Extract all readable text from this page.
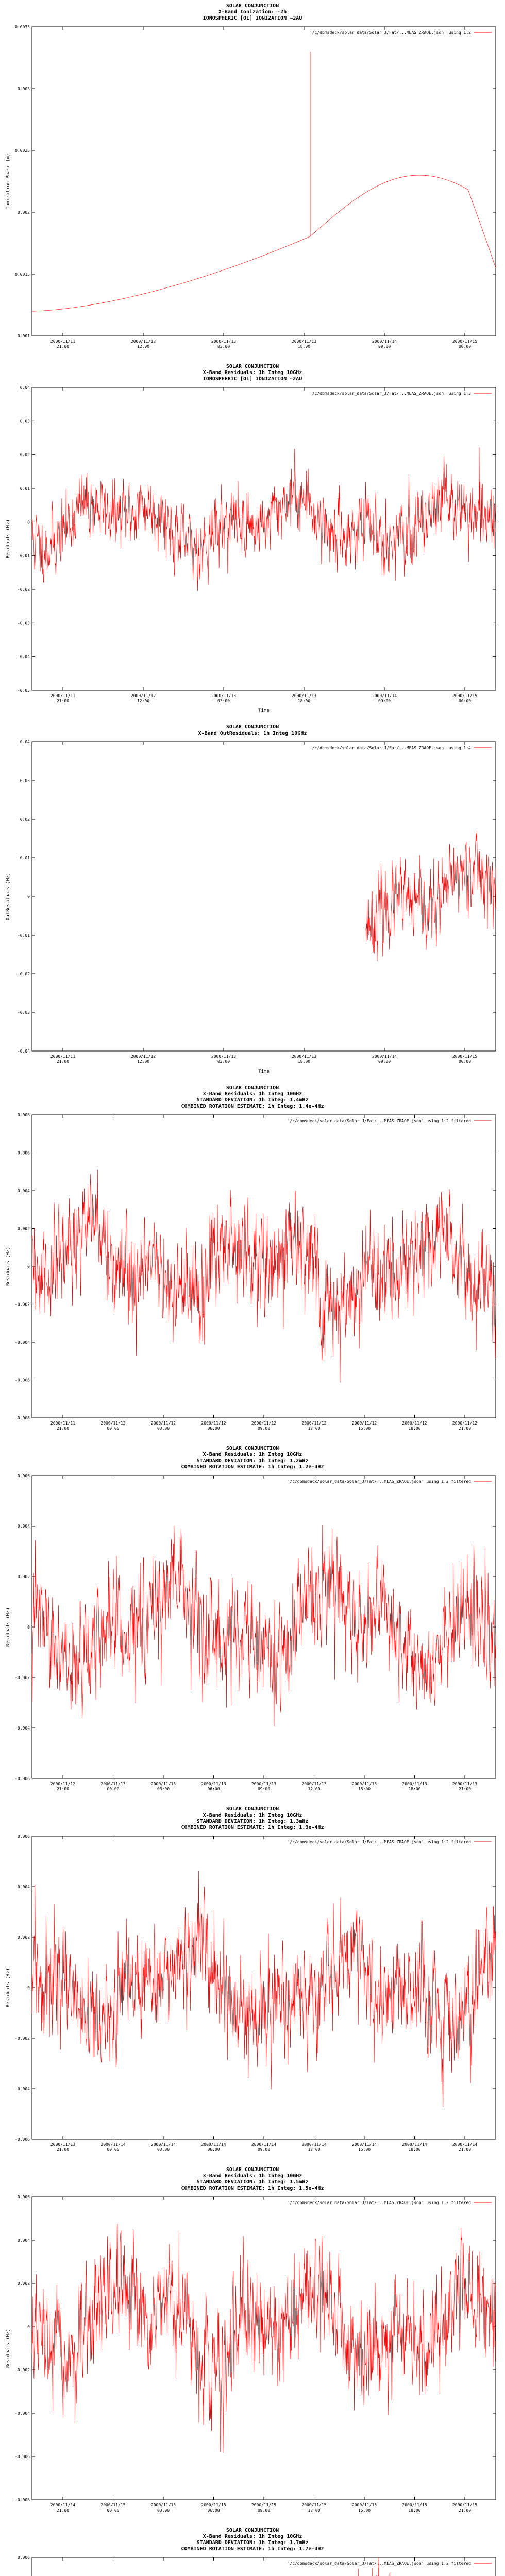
SOLAR CONJUNCTION
X-Band Ionization: ~2h
IONOSPHERIC [OL] IONIZATION ~2AU
0.0035
0.003
0.0025
0.002
0.0015
0.001
2000/11/11 21:00
2000/11/12 12:00
2000/11/13 03:00
2000/11/13 18:00
2000/11/14 09:00
2000/11/15 00:00
Ionization Phase (m)
'/c/dbmsdeck/solar_data/Solar_J/Fat/...MEAS_ZRAOE.json' using 1:2
SOLAR CONJUNCTION
X-Band Residuals: 1h Integ 10GHz
IONOSPHERIC [OL] IONIZATION ~2AU
0.04
0.03
0.02
0.01
0
-0.01
-0.02
-0.03
-0.04
-0.05
2000/11/11 21:00
2000/11/12 12:00
2000/11/13 03:00
2000/11/13 18:00
2000/11/14 09:00
2000/11/15 00:00
Residuals (Hz)
Time
'/c/dbmsdeck/solar_data/Solar_J/Fat/...MEAS_ZRAOE.json' using 1:3
SOLAR CONJUNCTION
X-Band OutResiduals: 1h Integ 10GHz
0.04
0.03
0.02
0.01
0
-0.01
-0.02
-0.03
-0.04
2000/11/11 21:00
2000/11/12 12:00
2000/11/13 03:00
2000/11/13 18:00
2000/11/14 09:00
2000/11/15 00:00
OutResiduals (Hz)
Time
'/c/dbmsdeck/solar_data/Solar_J/Fat/...MEAS_ZRAOE.json' using 1:4
SOLAR CONJUNCTION
X-Band Residuals: 1h Integ 10GHz
STANDARD DEVIATION: 1h Integ: 1.4mHz
COMBINED ROTATION ESTIMATE: 1h Integ: 1.4e-4Hz
0.008
0.006
0.004
0.002
0
-0.002
-0.004
-0.006
-0.008
2000/11/11 21:00
2000/11/12 00:00
2000/11/12 03:00
2000/11/12 06:00
2000/11/12 09:00
2000/11/12 12:00
2000/11/12 15:00
2000/11/12 18:00
2000/11/12 21:00
Residuals (Hz)
'/c/dbmsdeck/solar_data/Solar_J/Fat/...MEAS_ZRAOE.json' using 1:2 filtered
SOLAR CONJUNCTION
X-Band Residuals: 1h Integ 10GHz
STANDARD DEVIATION: 1h Integ: 1.2mHz
COMBINED ROTATION ESTIMATE: 1h Integ: 1.2e-4Hz
0.006
0.004
0.002
0
-0.002
-0.004
-0.006
2000/11/12 21:00
2000/11/13 00:00
2000/11/13 03:00
2000/11/13 06:00
2000/11/13 09:00
2000/11/13 12:00
2000/11/13 15:00
2000/11/13 18:00
2000/11/13 21:00
Residuals (Hz)
'/c/dbmsdeck/solar_data/Solar_J/Fat/...MEAS_ZRAOE.json' using 1:2 filtered
SOLAR CONJUNCTION
X-Band Residuals: 1h Integ 10GHz
STANDARD DEVIATION: 1h Integ: 1.3mHz
COMBINED ROTATION ESTIMATE: 1h Integ: 1.3e-4Hz
0.006
0.004
0.002
0
-0.002
-0.004
-0.006
2000/11/13 21:00
2000/11/14 00:00
2000/11/14 03:00
2000/11/14 06:00
2000/11/14 09:00
2000/11/14 12:00
2000/11/14 15:00
2000/11/14 18:00
2000/11/14 21:00
Residuals (Hz)
'/c/dbmsdeck/solar_data/Solar_J/Fat/...MEAS_ZRAOE.json' using 1:2 filtered
SOLAR CONJUNCTION
X-Band Residuals: 1h Integ 10GHz
STANDARD DEVIATION: 1h Integ: 1.5mHz
COMBINED ROTATION ESTIMATE: 1h Integ: 1.5e-4Hz
0.006
0.004
0.002
0
-0.002
-0.004
-0.006
-0.008
2000/11/14 21:00
2000/11/15 00:00
2000/11/15 03:00
2000/11/15 06:00
2000/11/15 09:00
2000/11/15 12:00
2000/11/15 15:00
2000/11/15 18:00
2000/11/15 21:00
Residuals (Hz)
'/c/dbmsdeck/solar_data/Solar_J/Fat/...MEAS_ZRAOE.json' using 1:2 filtered
SOLAR CONJUNCTION
X-Band Residuals: 1h Integ 10GHz
STANDARD DEVIATION: 1h Integ: 1.7mHz
COMBINED ROTATION ESTIMATE: 1h Integ: 1.7e-4Hz
0.006
'/c/dbmsdeck/solar_data/Solar_J/Fat/...MEAS_ZRAOE.json' using 1:2 filtered
